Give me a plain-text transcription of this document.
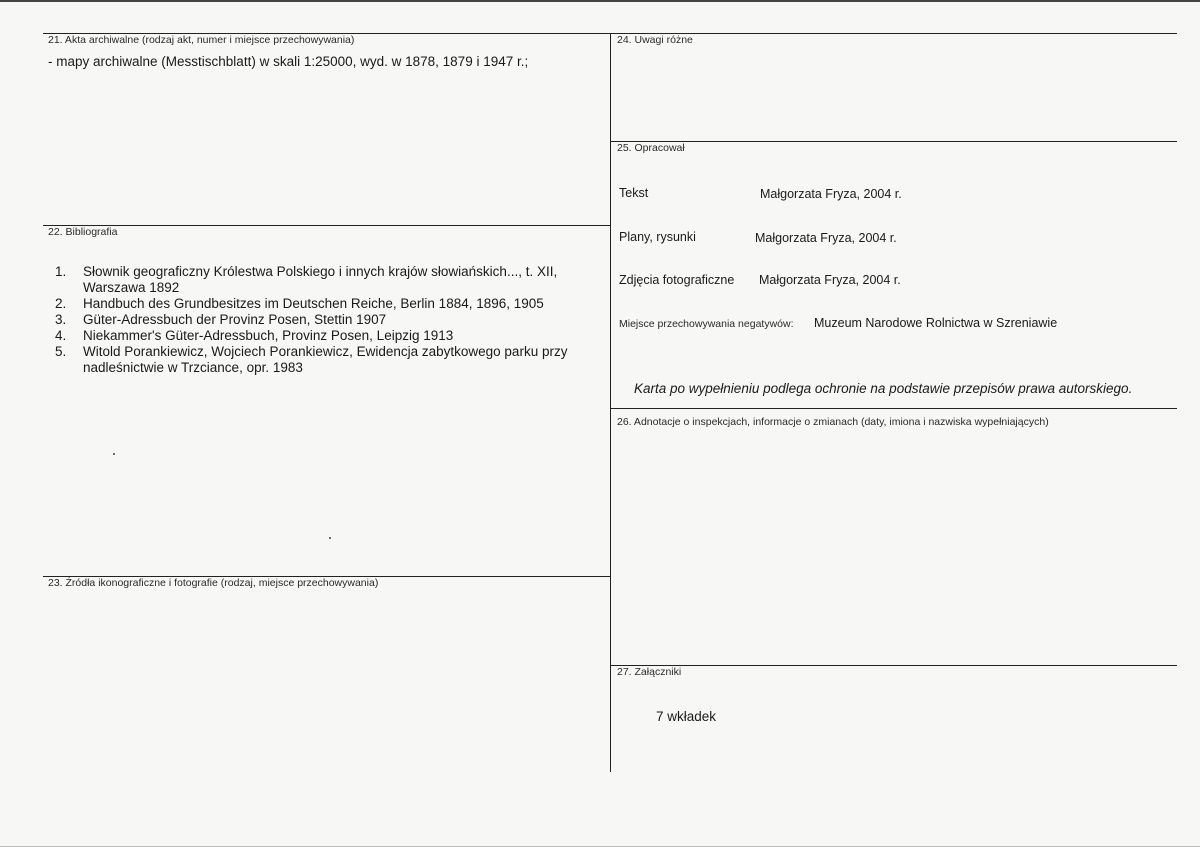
21. Akta archiwalne (rodzaj akt, numer i miejsce przechowywania)
- mapy archiwalne (Messtischblatt) w skali 1:25000, wyd. w 1878, 1879 i 1947 r.;
22. Bibliografia
1. Słownik geograficzny Królestwa Polskiego i innych krajów słowiańskich..., t. XII, Warszawa 1892
2. Handbuch des Grundbesitzes im Deutschen Reiche, Berlin 1884, 1896, 1905
3. Güter-Adressbuch der Provinz Posen, Stettin 1907
4. Niekammer's Güter-Adressbuch, Provinz Posen, Leipzig 1913
5. Witold Porankiewicz, Wojciech Porankiewicz, Ewidencja zabytkowego parku przy nadleśnictwie w Trzciance, opr. 1983
23. Źródła ikonograficzne i fotografie (rodzaj, miejsce przechowywania)
24. Uwagi różne
25. Opracował
Tekst	Małgorzata Fryza, 2004 r.
Plany, rysunki	Małgorzata Fryza, 2004 r.
Zdjęcia fotograficzne Małgorzata Fryza, 2004 r.
Miejsce przechowywania negatywów: Muzeum Narodowe Rolnictwa w Szreniawie
Karta po wypełnieniu podlega ochronie na podstawie przepisów prawa autorskiego.
26. Adnotacje o inspekcjach, informacje o zmianach (daty, imiona i nazwiska wypełniających)
27. Załączniki
7 wkładek
